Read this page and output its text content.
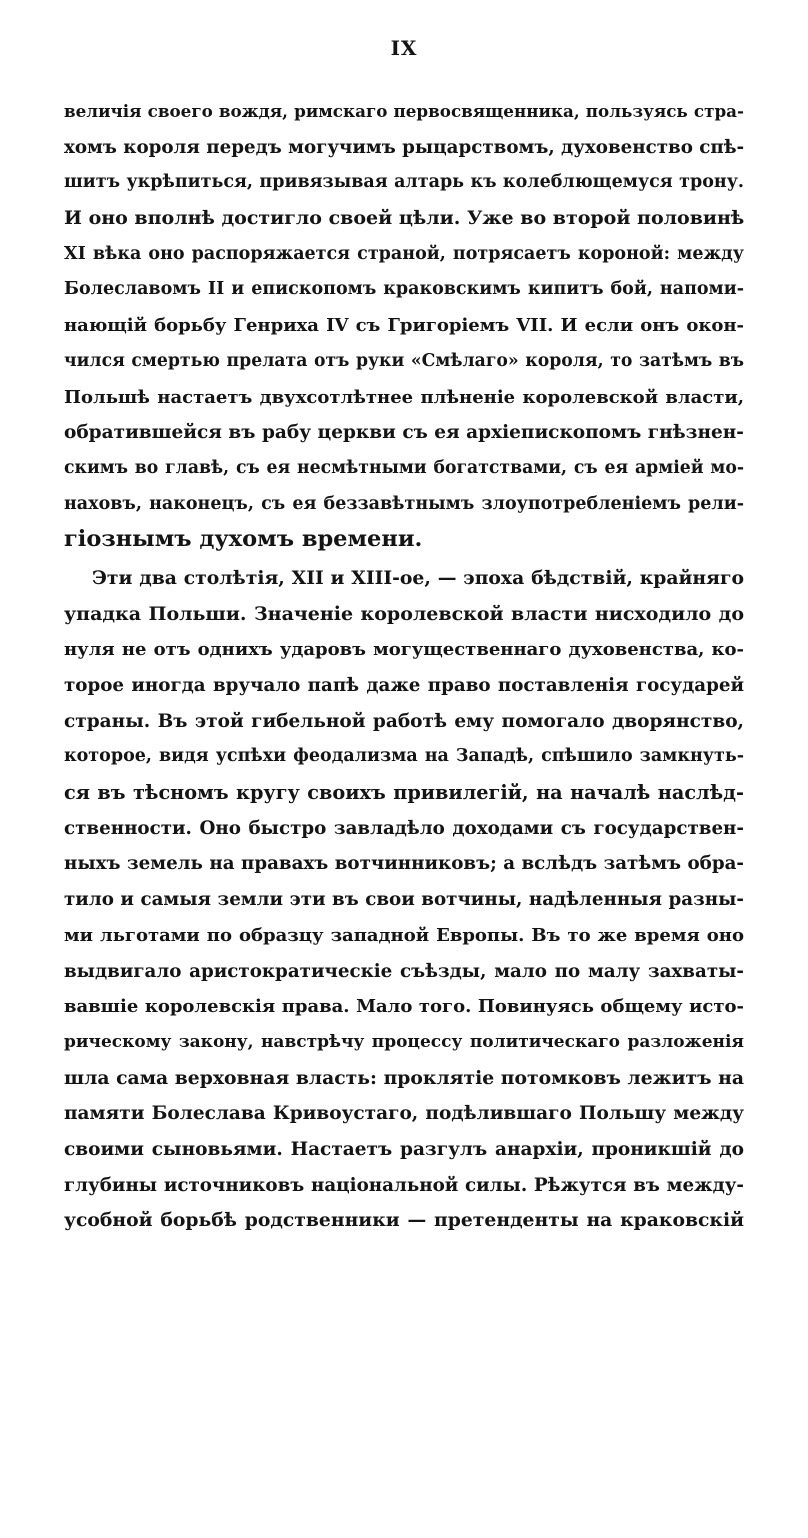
IX
величія своего вождя, римскаго первосвященника, пользуясь стра-
хомъ короля передъ могучимъ рыцарствомъ, духовенство спѣ-
шитъ укрѣпиться, привязывая алтарь къ колеблющемуся трону.
И оно вполнѣ достигло своей цѣли. Уже во второй половинѣ
XI вѣка оно распоряжается страной, потрясаетъ короной: между
Болеславомъ II и епископомъ краковскимъ кипитъ бой, напоми-
нающій борьбу Генриха IV съ Григоріемъ VII. И если онъ окон-
чился смертью прелата отъ руки «Смѣлаго» короля, то затѣмъ въ
Польшѣ настаетъ двухсотлѣтнее плѣненіе королевской власти,
обратившейся въ рабу церкви съ ея архіепископомъ гнѣзнен-
скимъ во главѣ, съ ея несмѣтными богатствами, съ ея арміей мо-
наховъ, наконецъ, съ ея беззавѣтнымъ злоупотребленіемъ рели-
гіознымъ духомъ времени.
Эти два столѣтія, XII и XIII-ое, — эпоха бѣдствій, крайняго
упадка Польши. Значеніе королевской власти нисходило до
нуля не отъ однихъ ударовъ могущественнаго духовенства, ко-
торое иногда вручало папѣ даже право поставленія государей
страны. Въ этой гибельной работѣ ему помогало дворянство,
которое, видя успѣхи феодализма на Западѣ, спѣшило замкнуть-
ся въ тѣсномъ кругу своихъ привилегій, на началѣ наслѣд-
ственности. Оно быстро завладѣло доходами съ государствен-
ныхъ земель на правахъ вотчинниковъ; а вслѣдъ затѣмъ обра-
тило и самыя земли эти въ свои вотчины, надѣленныя разны-
ми льготами по образцу западной Европы. Въ то же время оно
выдвигало аристократическіе съѣзды, мало по малу захваты-
вавшіе королевскія права. Мало того. Повинуясь общему исто-
рическому закону, навстрѣчу процессу политическаго разложенія
шла сама верховная власть: проклятіе потомковъ лежитъ на
памяти Болеслава Кривоустаго, подѣлившаго Польшу между
своими сыновьями. Настаетъ разгулъ анархіи, проникшій до
глубины источниковъ національной силы. Рѣжутся въ между-
усобной борьбѣ родственники — претенденты на краковскій
